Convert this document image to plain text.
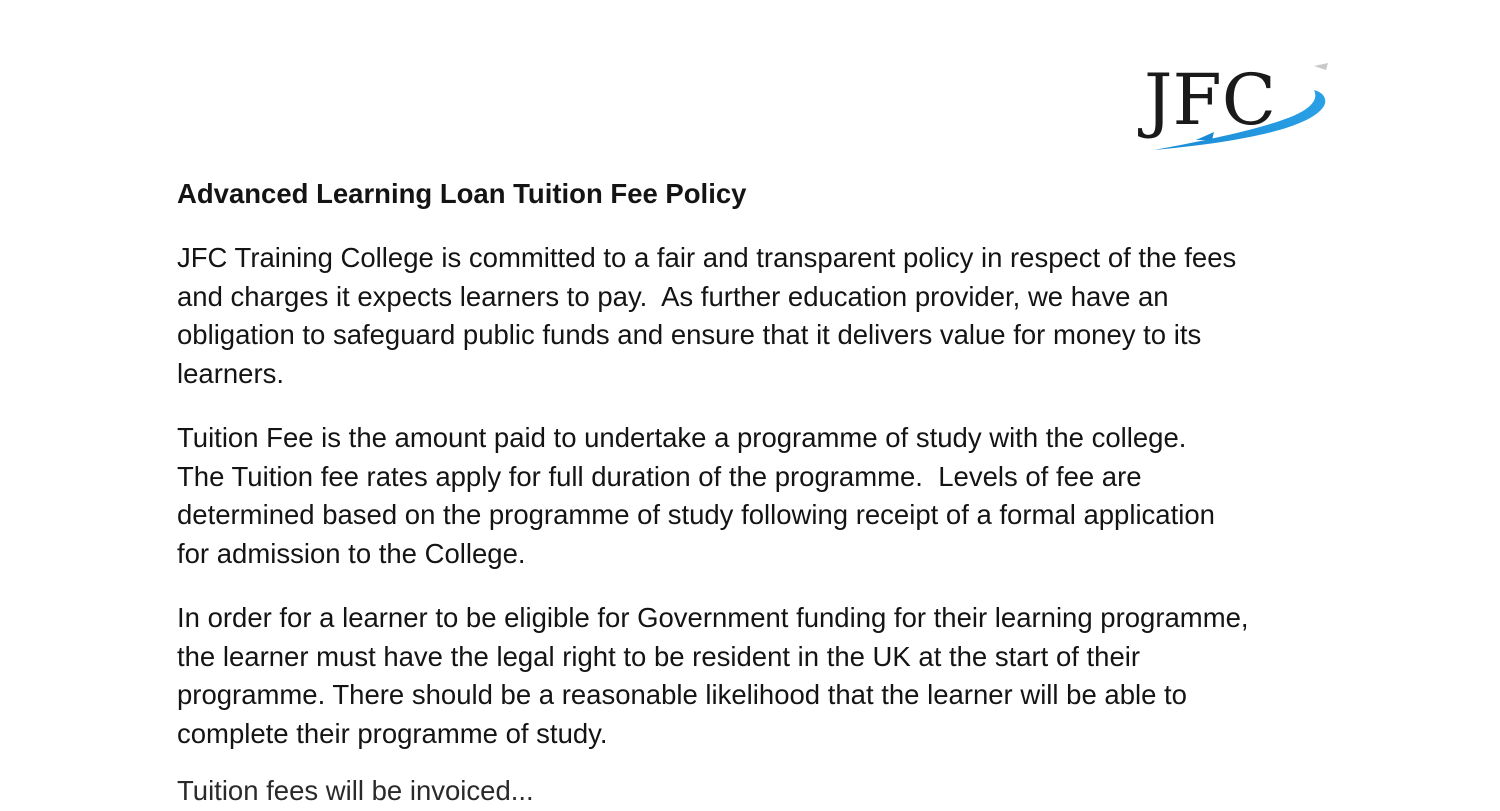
JFC
Advanced Learning Loan Tuition Fee Policy

JFC Training College is committed to a fair and transparent policy in respect of the fees
and charges it expects learners to pay.  As further education provider, we have an
obligation to safeguard public funds and ensure that it delivers value for money to its
learners.

Tuition Fee is the amount paid to undertake a programme of study with the college.
The Tuition fee rates apply for full duration of the programme.  Levels of fee are
determined based on the programme of study following receipt of a formal application
for admission to the College.

In order for a learner to be eligible for Government funding for their learning programme,
the learner must have the legal right to be resident in the UK at the start of their
programme. There should be a reasonable likelihood that the learner will be able to
complete their programme of study.

Tuition fees will be invoiced...
